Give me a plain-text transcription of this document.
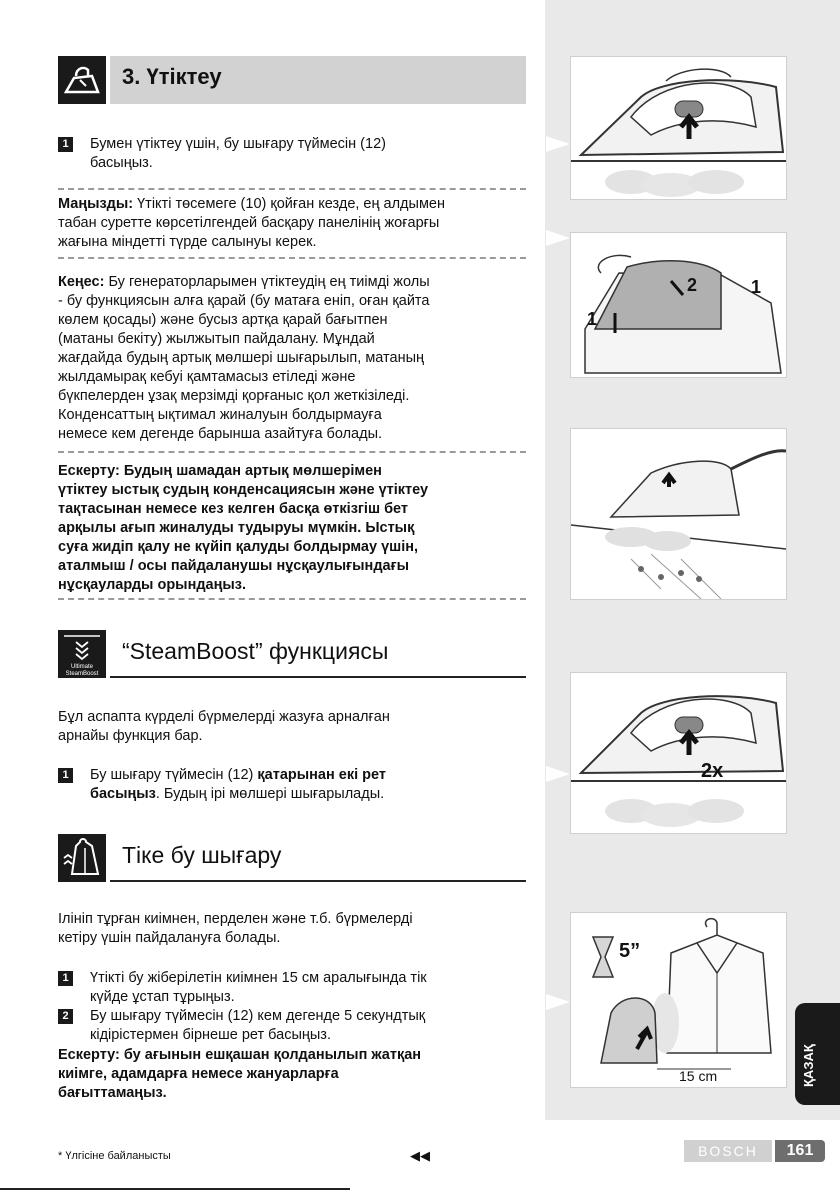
3. Үтіктеу
1	Бумен үтіктеу үшін, бу шығару түймесін (12)
басыңыз.
Маңызды: Үтікті төсемеге (10) қойған кезде, ең алдымен
табан суретте көрсетілгендей басқару панелінің жоғарғы
жағына міндетті түрде салынуы керек.
Кеңес: Бу генераторларымен үтіктеудің ең тиімді жолы
- бу функциясын алға қарай (бу матаға еніп, оған қайта
көлем қосады) және бусыз артқа қарай бағытпен
(матаны бекіту) жылжытып пайдалану. Мұндай
жағдайда будың артық мөлшері шығарылып, матаның
жылдамырақ кебуі қамтамасыз етіледі және
бүкпелерден ұзақ мерзімді қорғаныс қол жеткізіледі.
Конденсаттың ықтимал жиналуын болдырмауға
немесе кем дегенде барынша азайтуға болады.
Ескерту: Будың шамадан артық мөлшерімен
үтіктеу ыстық судың конденсациясын және үтіктеу
тақтасынан немесе кез келген басқа өткізгіш бет
арқылы ағып жиналуды тудыруы мүмкін. Ыстық
суға жидіп қалу не күйіп қалуды болдырмау үшін,
аталмыш / осы пайдаланушы нұсқаулығындағы
нұсқауларды орындаңыз.
Ultimate
SteamBoost
“SteamBoost” функциясы
Бұл аспапта күрделі бүрмелерді жазуға арналған
арнайы функция бар.
1	Бу шығару түймесін (12) қатарынан екі рет
басыңыз. Будың ірі мөлшері шығарылады.
Тіке бу шығару
Ілініп тұрған киімнен, перделен және т.б. бүрмелерді
кетіру үшін пайдалануға болады.
1	Үтікті бу жіберілетін киімнен 15 см аралығында тік
күйде ұстап тұрыңыз.
2	Бу шығару түймесін (12) кем дегенде 5 секундтық
кідірістермен бірнеше рет басыңыз.
Ескерту: бу ағынын ешқашан қолданылып жатқан
киімге, адамдарға немесе жануарларға
бағыттамаңыз.
1
2	1
2x
5”
15 cm	ҚАЗАҚ
* Үлгісіне байланысты	◀◀	BOSCH	161
